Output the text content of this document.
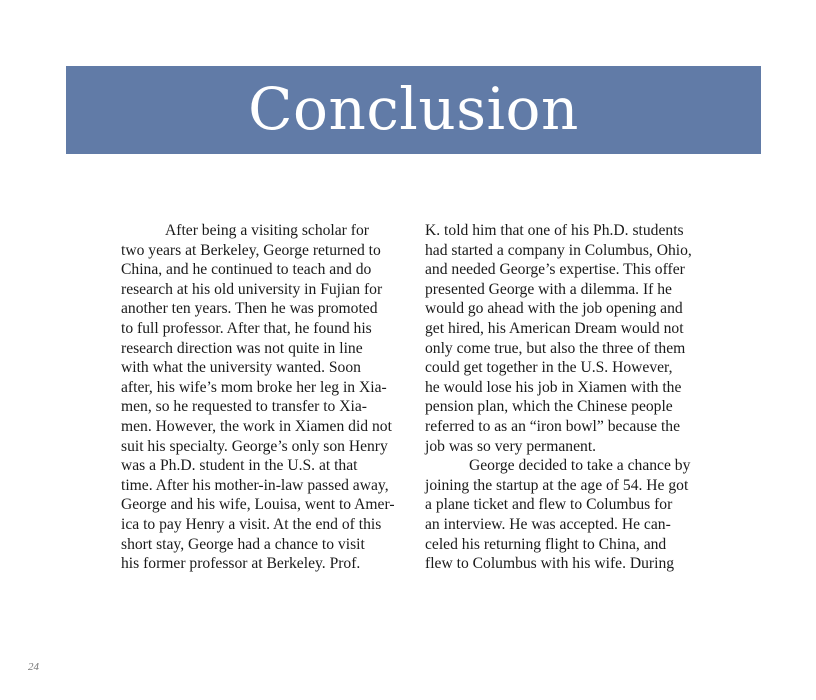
Conclusion
After being a visiting scholar for
two years at Berkeley, George returned to
China, and he continued to teach and do
research at his old university in Fujian for
another ten years. Then he was promoted
to full professor. After that, he found his
research direction was not quite in line
with what the university wanted. Soon
after, his wife’s mom broke her leg in Xia-
men, so he requested to transfer to Xia-
men. However, the work in Xiamen did not
suit his specialty. George’s only son Henry
was a Ph.D. student in the U.S. at that
time. After his mother-in-law passed away,
George and his wife, Louisa, went to Amer-
ica to pay Henry a visit. At the end of this
short stay, George had a chance to visit
his former professor at Berkeley. Prof.
K. told him that one of his Ph.D. students
had started a company in Columbus, Ohio,
and needed George’s expertise. This offer
presented George with a dilemma. If he
would go ahead with the job opening and
get hired, his American Dream would not
only come true, but also the three of them
could get together in the U.S. However,
he would lose his job in Xiamen with the
pension plan, which the Chinese people
referred to as an “iron bowl” because the
job was so very permanent.
George decided to take a chance by
joining the startup at the age of 54. He got
a plane ticket and flew to Columbus for
an interview. He was accepted. He can-
celed his returning flight to China, and
flew to Columbus with his wife. During
24
